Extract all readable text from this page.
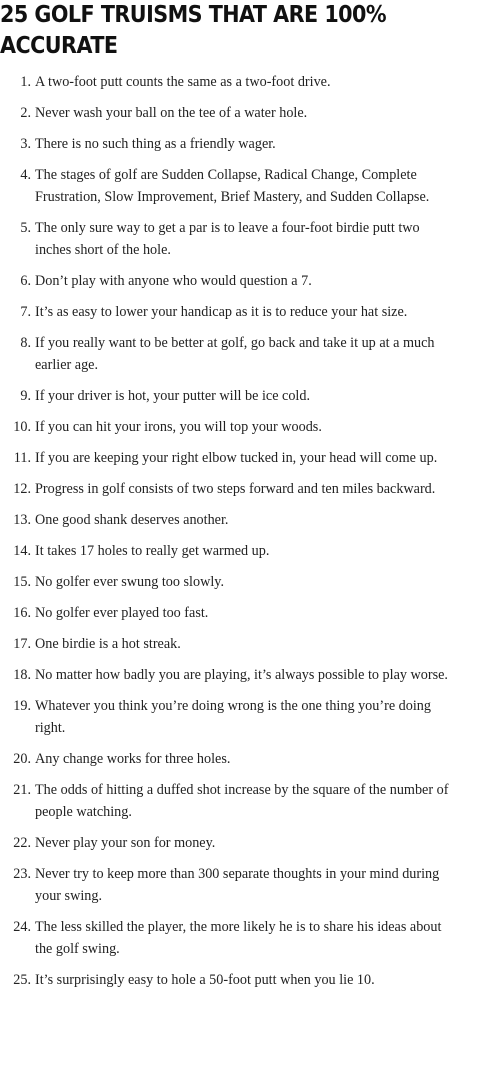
25 GOLF TRUISMS THAT ARE 100% ACCURATE
1. A two-foot putt counts the same as a two-foot drive.
2. Never wash your ball on the tee of a water hole.
3. There is no such thing as a friendly wager.
4. The stages of golf are Sudden Collapse, Radical Change, Complete Frustration, Slow Improvement, Brief Mastery, and Sudden Collapse.
5. The only sure way to get a par is to leave a four-foot birdie putt two inches short of the hole.
6. Don’t play with anyone who would question a 7.
7. It’s as easy to lower your handicap as it is to reduce your hat size.
8. If you really want to be better at golf, go back and take it up at a much earlier age.
9. If your driver is hot, your putter will be ice cold.
10. If you can hit your irons, you will top your woods.
11. If you are keeping your right elbow tucked in, your head will come up.
12. Progress in golf consists of two steps forward and ten miles backward.
13. One good shank deserves another.
14. It takes 17 holes to really get warmed up.
15. No golfer ever swung too slowly.
16. No golfer ever played too fast.
17. One birdie is a hot streak.
18. No matter how badly you are playing, it’s always possible to play worse.
19. Whatever you think you’re doing wrong is the one thing you’re doing right.
20. Any change works for three holes.
21. The odds of hitting a duffed shot increase by the square of the number of people watching.
22. Never play your son for money.
23. Never try to keep more than 300 separate thoughts in your mind during your swing.
24. The less skilled the player, the more likely he is to share his ideas about the golf swing.
25. It’s surprisingly easy to hole a 50-foot putt when you lie 10.
